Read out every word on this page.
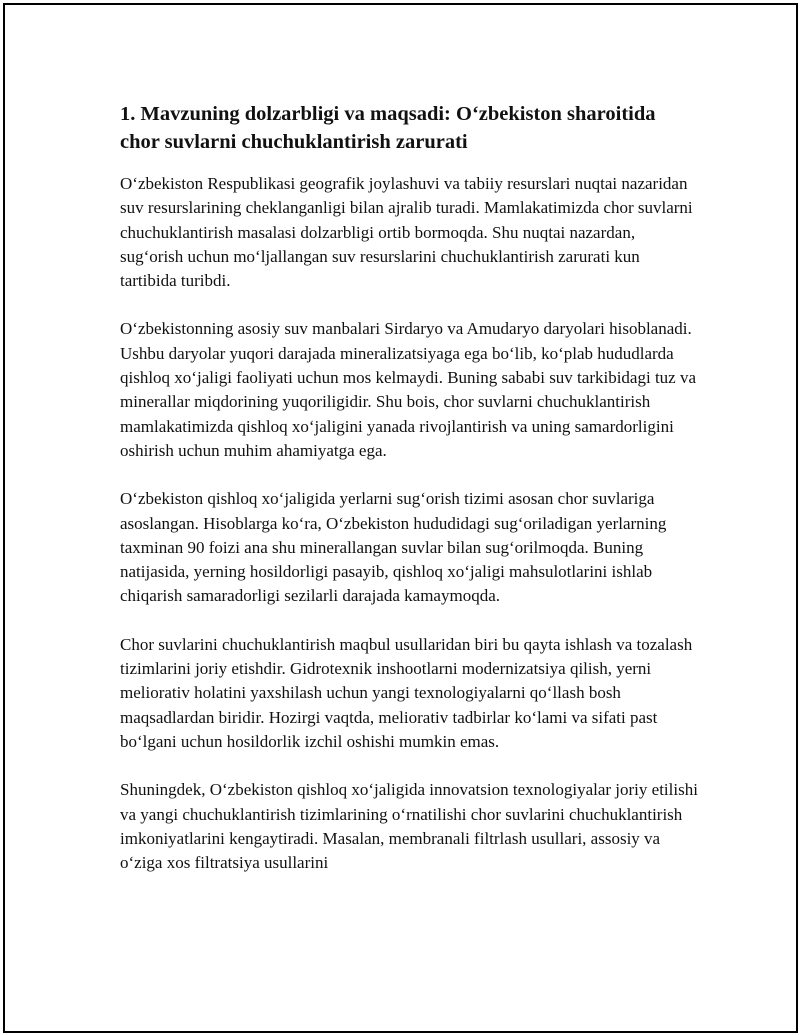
1. Mavzuning dolzarbligi va maqsadi: O‘zbekiston sharoitida chor suvlarni chuchuklantirish zarurati

O‘zbekiston Respublikasi geografik joylashuvi va tabiiy resurslari nuqtai nazaridan suv resurslarining cheklanganligi bilan ajralib turadi. Mamlakatimizda chor suvlarni chuchuklantirish masalasi dolzarbligi ortib bormoqda. Shu nuqtai nazardan, sug‘orish uchun mo‘ljallangan suv resurslarini chuchuklantirish zarurati kun tartibida turibdi.

O‘zbekistonning asosiy suv manbalari Sirdaryo va Amudaryo daryolari hisoblanadi. Ushbu daryolar yuqori darajada mineralizatsiyaga ega bo‘lib, ko‘plab hududlarda qishloq xo‘jaligi faoliyati uchun mos kelmaydi. Buning sababi suv tarkibidagi tuz va minerallar miqdorining yuqoriligidir. Shu bois, chor suvlarni chuchuklantirish mamlakatimizda qishloq xo‘jaligini yanada rivojlantirish va uning samardorligini oshirish uchun muhim ahamiyatga ega.

O‘zbekiston qishloq xo‘jaligida yerlarni sug‘orish tizimi asosan chor suvlariga asoslangan. Hisoblarga ko‘ra, O‘zbekiston hududidagi sug‘oriladigan yerlarning taxminan 90 foizi ana shu minerallangan suvlar bilan sug‘orilmoqda. Buning natijasida, yerning hosildorligi pasayib, qishloq xo‘jaligi mahsulotlarini ishlab chiqarish samaradorligi sezilarli darajada kamaymoqda.

Chor suvlarini chuchuklantirish maqbul usullaridan biri bu qayta ishlash va tozalash tizimlarini joriy etishdir. Gidrotexnik inshootlarni modernizatsiya qilish, yerni meliorativ holatini yaxshilash uchun yangi texnologiyalarni qo‘llash bosh maqsadlardan biridir. Hozirgi vaqtda, meliorativ tadbirlar ko‘lami va sifati past bo‘lgani uchun hosildorlik izchil oshishi mumkin emas.

Shuningdek, O‘zbekiston qishloq xo‘jaligida innovatsion texnologiyalar joriy etilishi va yangi chuchuklantirish tizimlarining o‘rnatilishi chor suvlarini chuchuklantirish imkoniyatlarini kengaytiradi. Masalan, membranali filtrlash usullari, assosiy va o‘ziga xos filtratsiya usullarini
